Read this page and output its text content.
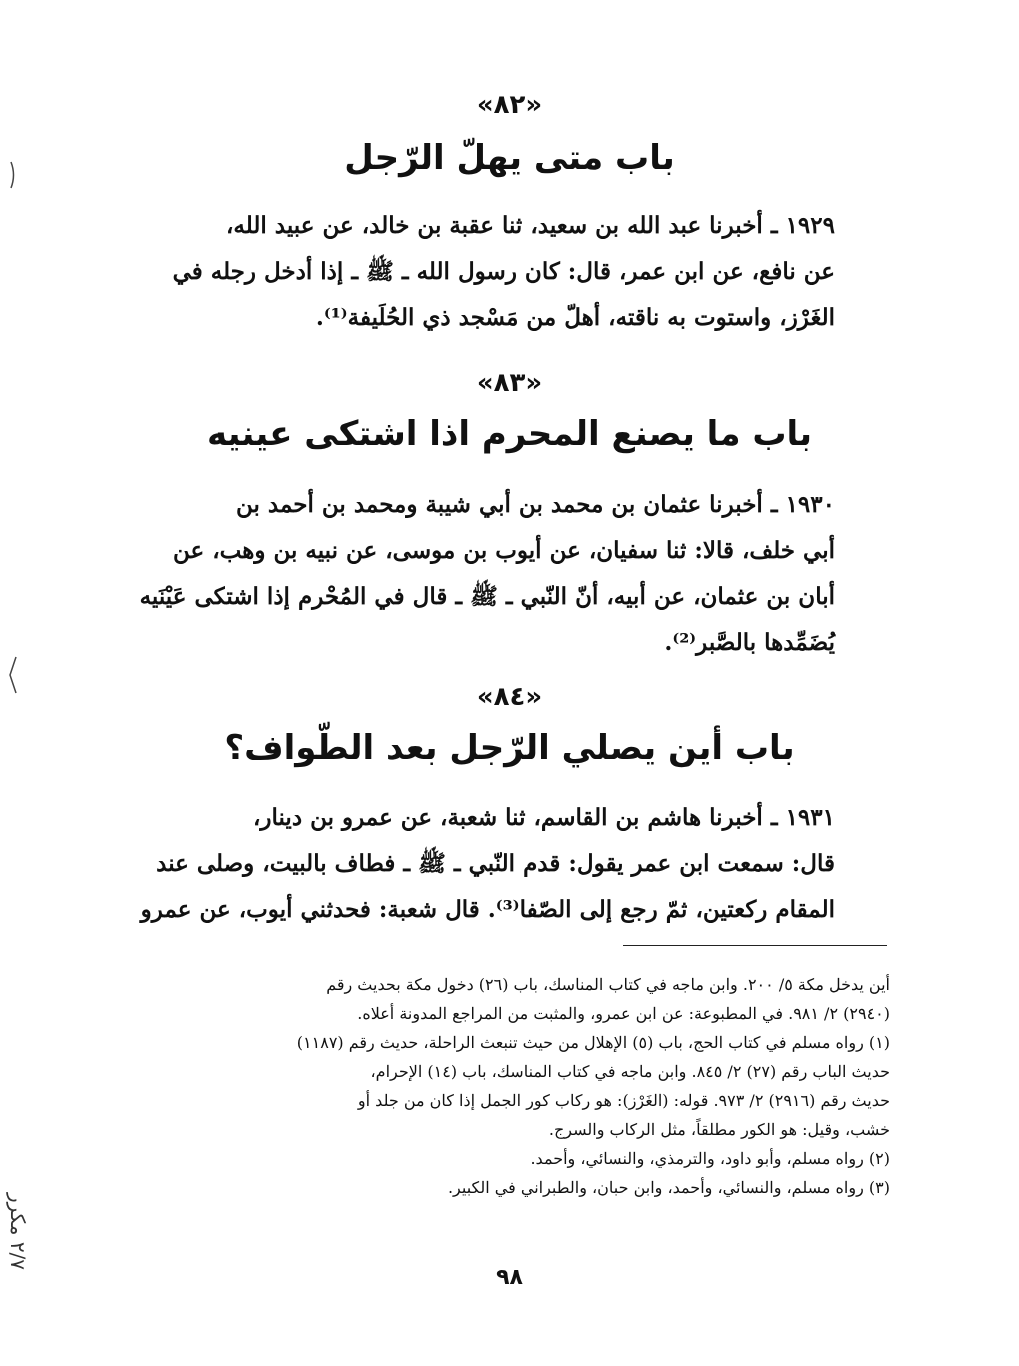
«٨٢»
باب متى يهلّ الرّجل
١٩٢٩ ـ أخبرنا عبد الله بن سعيد، ثنا عقبة بن خالد، عن عبيد الله،
عن نافع، عن ابن عمر، قال: كان رسول الله ـ ﷺ ـ إذا أدخل رجله في
الغَرْز، واستوت به ناقته، أهلّ من مَسْجد ذي الحُلَيفة⁽¹⁾.
«٨٣»
باب ما يصنع المحرم اذا اشتكى عينيه
١٩٣٠ ـ أخبرنا عثمان بن محمد بن أبي شيبة ومحمد بن أحمد بن
أبي خلف، قالا: ثنا سفيان، عن أيوب بن موسى، عن نبيه بن وهب، عن
أبان بن عثمان، عن أبيه، أنّ النّبي ـ ﷺ ـ قال في المُحْرم إذا اشتكى عَيْنَيه
يُضَمِّدها بالصَّبر⁽²⁾.
«٨٤»
باب أين يصلي الرّجل بعد الطّواف؟
١٩٣١ ـ أخبرنا هاشم بن القاسم، ثنا شعبة، عن عمرو بن دينار،
قال: سمعت ابن عمر يقول: قدم النّبي ـ ﷺ ـ فطاف بالبيت، وصلى عند
المقام ركعتين، ثمّ رجع إلى الصّفا⁽³⁾. قال شعبة: فحدثني أيوب، عن عمرو
أين يدخل مكة ٥/ ٢٠٠. وابن ماجه في كتاب المناسك، باب (٢٦) دخول مكة بحديث رقم
(٢٩٤٠) ٢/ ٩٨١. في المطبوعة: عن ابن عمرو، والمثبت من المراجع المدونة أعلاه.
(١) رواه مسلم في كتاب الحج، باب (٥) الإهلال من حيث تنبعث الراحلة، حديث رقم (١١٨٧)
حديث الباب رقم (٢٧) ٢/ ٨٤٥. وابن ماجه في كتاب المناسك، باب (١٤) الإحرام،
حديث رقم (٢٩١٦) ٢/ ٩٧٣. قوله: (الغَرْز): هو ركاب كور الجمل إذا كان من جلد أو
خشب، وقيل: هو الكور مطلقاً، مثل الركاب والسرج.
(٢) رواه مسلم، وأبو داود، والترمذي، والنسائي، وأحمد.
(٣) رواه مسلم، والنسائي، وأحمد، وابن حبان، والطبراني في الكبير.
٩٨
٢/٧ مكرر
